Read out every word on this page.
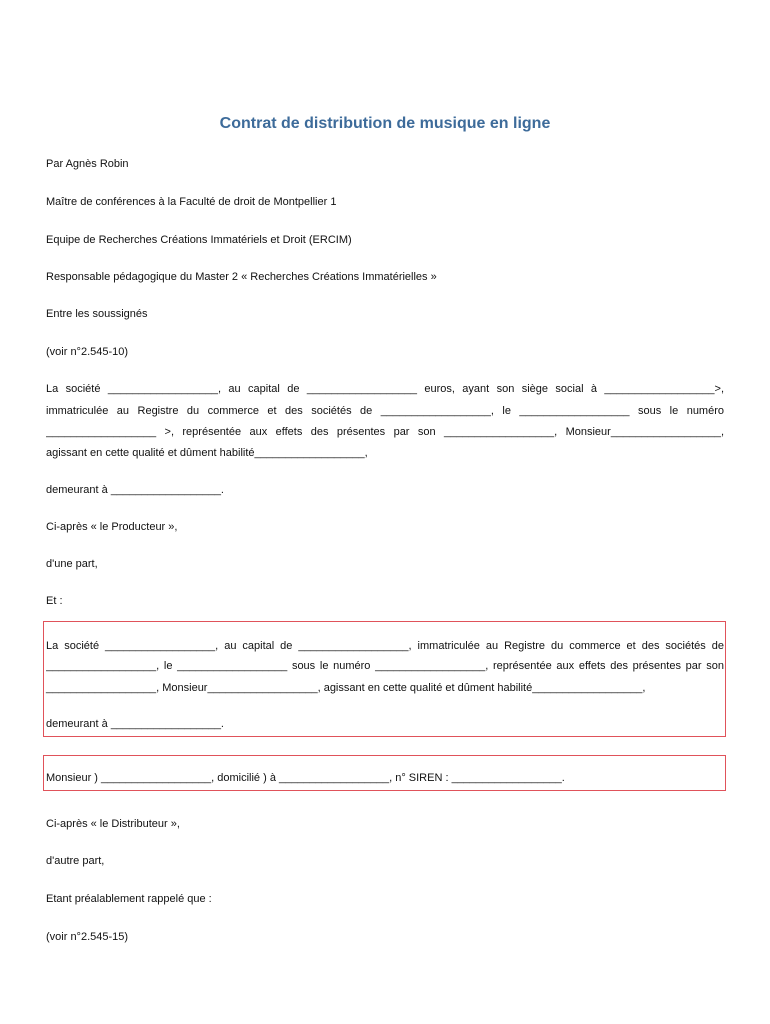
Contrat de distribution de musique en ligne
Par Agnès Robin
Maître de conférences à la Faculté de droit de Montpellier 1
Equipe de Recherches Créations Immatériels et Droit (ERCIM)
Responsable pédagogique du Master 2 « Recherches Créations Immatérielles »
Entre les soussignés
(voir n°2.545-10)
La société __________________, au capital de __________________ euros, ayant son siège social à __________________>,
immatriculée au Registre du commerce et des sociétés de __________________, le __________________ sous le numéro
__________________ >, représentée aux effets des présentes par son __________________, Monsieur__________________,
agissant en cette qualité et dûment habilité__________________,
demeurant à __________________.
Ci-après « le Producteur »,
d'une part,
Et :
La société __________________, au capital de __________________, immatriculée au Registre du commerce et des sociétés de
__________________, le __________________ sous le numéro __________________, représentée aux effets des présentes par son
__________________, Monsieur__________________, agissant en cette qualité et dûment habilité__________________,
demeurant à __________________.
Monsieur ) __________________, domicilié ) à __________________, n° SIREN : __________________.
Ci-après « le Distributeur »,
d'autre part,
Etant préalablement rappelé que :
(voir n°2.545-15)
